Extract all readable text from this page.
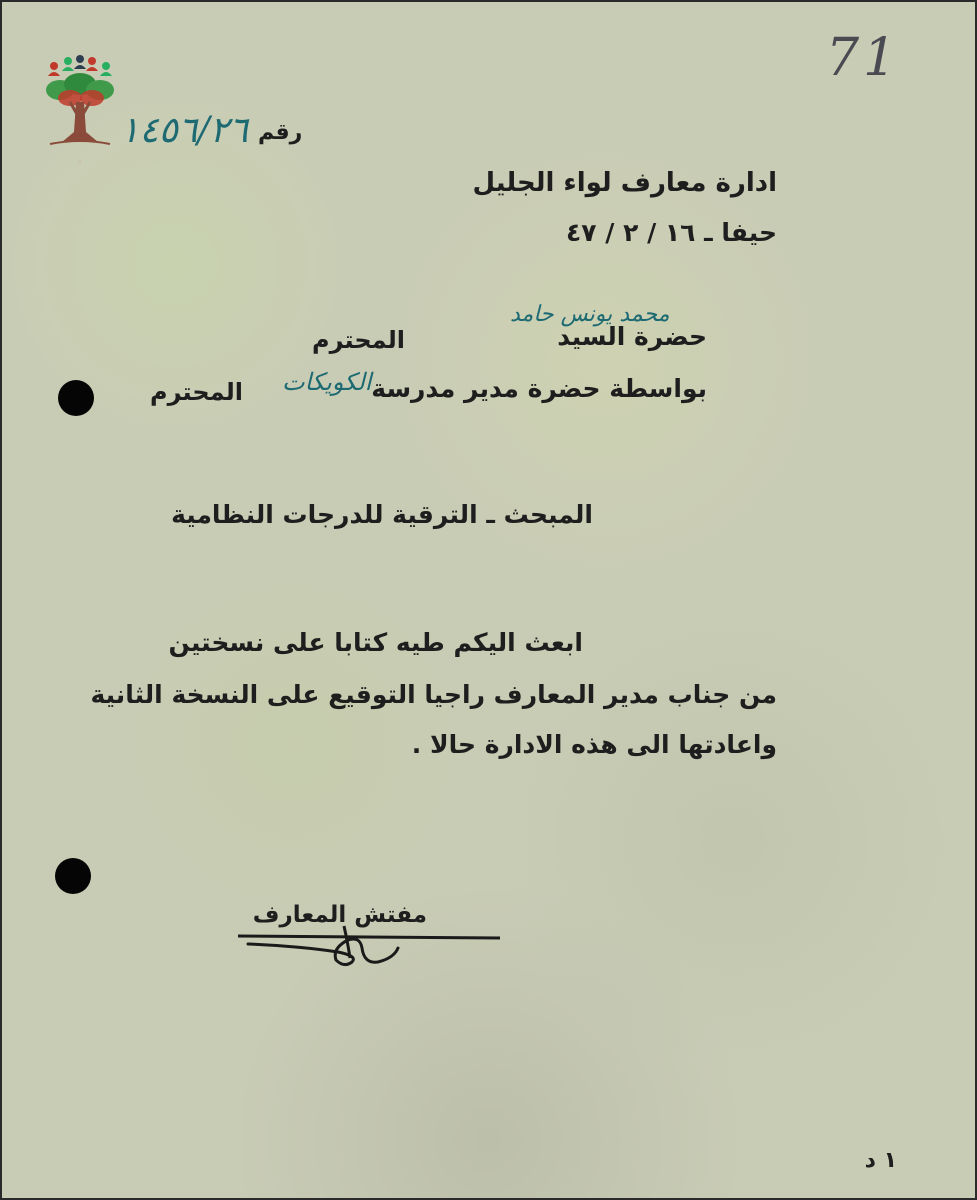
·
71
١٤٥٦/٢٦ رقم
ادارة معارف لواء الجليل
حيفا ـ ١٦ / ٢ / ٤٧
حضرة السيد
محمد يونس حامد
المحترم
بواسطة حضرة مدير مدرسة
الكويكات
المحترم
المبحث ـ الترقية للدرجات النظامية
ابعث اليكم طيه كتابا على نسختين
من جناب مدير المعارف راجيا التوقيع على النسخة الثانية
واعادتها الى هذه الادارة حالا .
مفتش المعارف
١ د
